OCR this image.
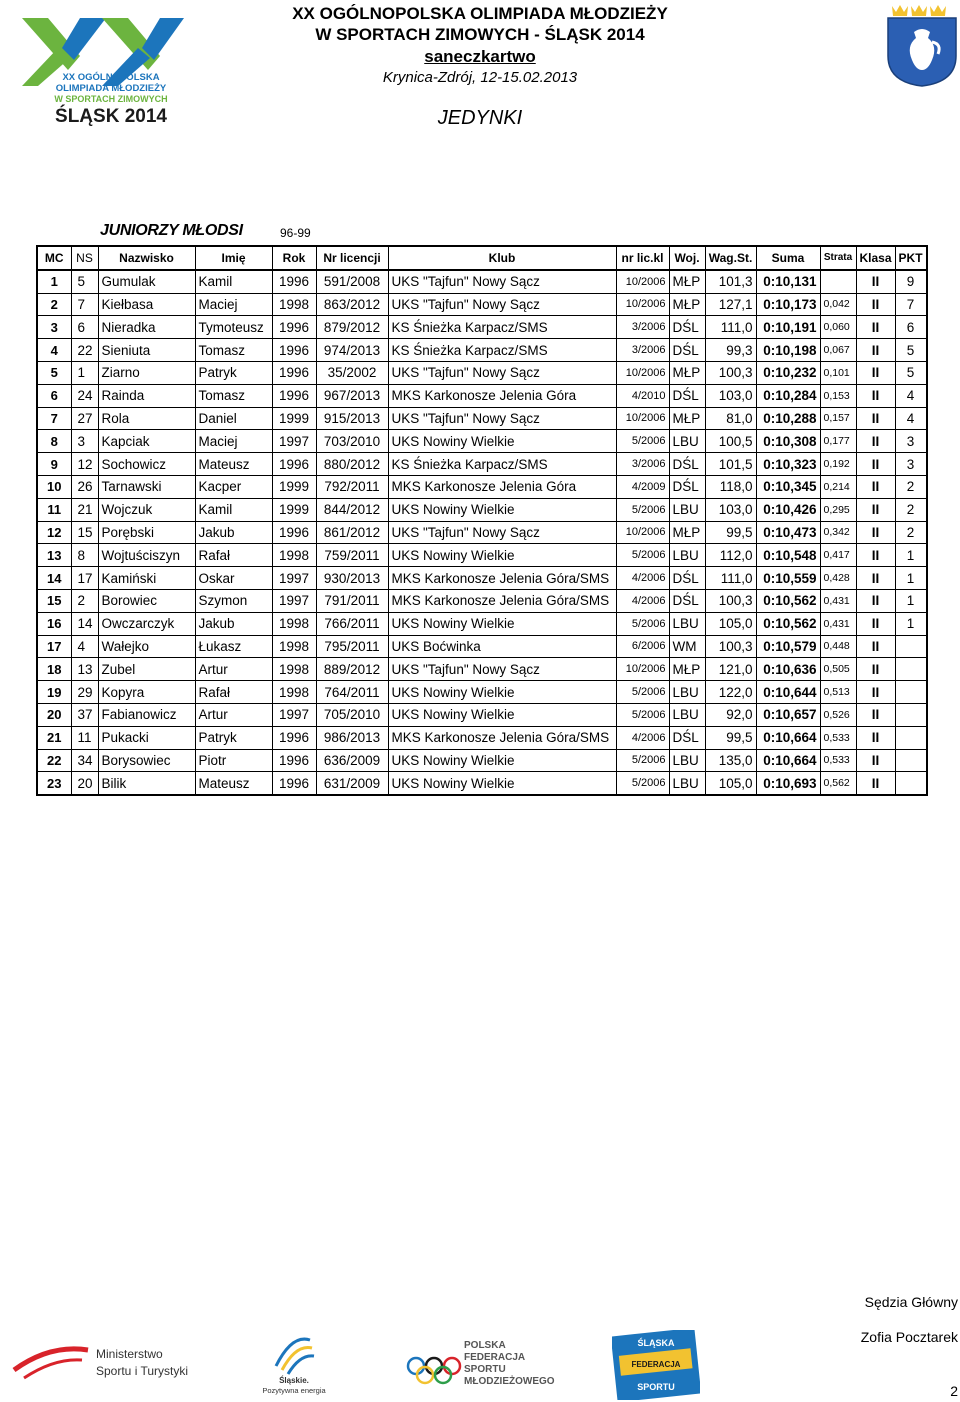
XX OGÓLNOPOLSKA
OLIMPIADA MŁODZIEŻY
W SPORTACH ZIMOWYCH
ŚLĄSK 2014
XX OGÓLNOPOLSKA OLIMPIADA MŁODZIEŻY
W SPORTACH ZIMOWYCH - ŚLĄSK 2014
saneczkartwo
Krynica-Zdrój, 12-15.02.2013
JEDYNKI
JUNIORZY MŁODSI	96-99
MC	NS	Nazwisko	Imię	Rok	Nr licencji	Klub	nr lic.kl	Woj.	Wag.St.	Suma	Strata	Klasa	PKT
1	5	Gumulak	Kamil	1996	591/2008	UKS "Tajfun" Nowy Sącz	10/2006	MŁP	101,3	0:10,131		II	9
2	7	Kiełbasa	Maciej	1998	863/2012	UKS "Tajfun" Nowy Sącz	10/2006	MŁP	127,1	0:10,173	0,042	II	7
3	6	Nieradka	Tymoteusz	1996	879/2012	KS Śnieżka Karpacz/SMS	3/2006	DŚL	111,0	0:10,191	0,060	II	6
4	22	Sieniuta	Tomasz	1996	974/2013	KS Śnieżka Karpacz/SMS	3/2006	DŚL	99,3	0:10,198	0,067	II	5
5	1	Ziarno	Patryk	1996	35/2002	UKS "Tajfun" Nowy Sącz	10/2006	MŁP	100,3	0:10,232	0,101	II	5
6	24	Rainda	Tomasz	1996	967/2013	MKS Karkonosze Jelenia Góra	4/2010	DŚL	103,0	0:10,284	0,153	II	4
7	27	Rola	Daniel	1999	915/2013	UKS "Tajfun" Nowy Sącz	10/2006	MŁP	81,0	0:10,288	0,157	II	4
8	3	Kapciak	Maciej	1997	703/2010	UKS Nowiny Wielkie	5/2006	LBU	100,5	0:10,308	0,177	II	3
9	12	Sochowicz	Mateusz	1996	880/2012	KS Śnieżka Karpacz/SMS	3/2006	DŚL	101,5	0:10,323	0,192	II	3
10	26	Tarnawski	Kacper	1999	792/2011	MKS Karkonosze Jelenia Góra	4/2009	DŚL	118,0	0:10,345	0,214	II	2
11	21	Wojczuk	Kamil	1999	844/2012	UKS Nowiny Wielkie	5/2006	LBU	103,0	0:10,426	0,295	II	2
12	15	Porębski	Jakub	1996	861/2012	UKS "Tajfun" Nowy Sącz	10/2006	MŁP	99,5	0:10,473	0,342	II	2
13	8	Wojtuściszyn	Rafał	1998	759/2011	UKS Nowiny Wielkie	5/2006	LBU	112,0	0:10,548	0,417	II	1
14	17	Kamiński	Oskar	1997	930/2013	MKS Karkonosze Jelenia Góra/SMS	4/2006	DŚL	111,0	0:10,559	0,428	II	1
15	2	Borowiec	Szymon	1997	791/2011	MKS Karkonosze Jelenia Góra/SMS	4/2006	DŚL	100,3	0:10,562	0,431	II	1
16	14	Owczarczyk	Jakub	1998	766/2011	UKS Nowiny Wielkie	5/2006	LBU	105,0	0:10,562	0,431	II	1
17	4	Wałejko	Łukasz	1998	795/2011	UKS Boćwinka	6/2006	WM	100,3	0:10,579	0,448	II	
18	13	Zubel	Artur	1998	889/2012	UKS "Tajfun" Nowy Sącz	10/2006	MŁP	121,0	0:10,636	0,505	II	
19	29	Kopyra	Rafał	1998	764/2011	UKS Nowiny Wielkie	5/2006	LBU	122,0	0:10,644	0,513	II	
20	37	Fabianowicz	Artur	1997	705/2010	UKS Nowiny Wielkie	5/2006	LBU	92,0	0:10,657	0,526	II	
21	11	Pukacki	Patryk	1996	986/2013	MKS Karkonosze Jelenia Góra/SMS	4/2006	DŚL	99,5	0:10,664	0,533	II	
22	34	Borysowiec	Piotr	1996	636/2009	UKS Nowiny Wielkie	5/2006	LBU	135,0	0:10,664	0,533	II	
23	20	Bilik	Mateusz	1996	631/2009	UKS Nowiny Wielkie	5/2006	LBU	105,0	0:10,693	0,562	II	
Sędzia Główny
Zofia Pocztarek
2
Ministerstwo
Sportu i Turystyki
Śląskie.
Pozytywna energia
POLSKA
FEDERACJA
SPORTU
MŁODZIEŻOWEGO
ŚLĄSKA
FEDERACJA
SPORTU
